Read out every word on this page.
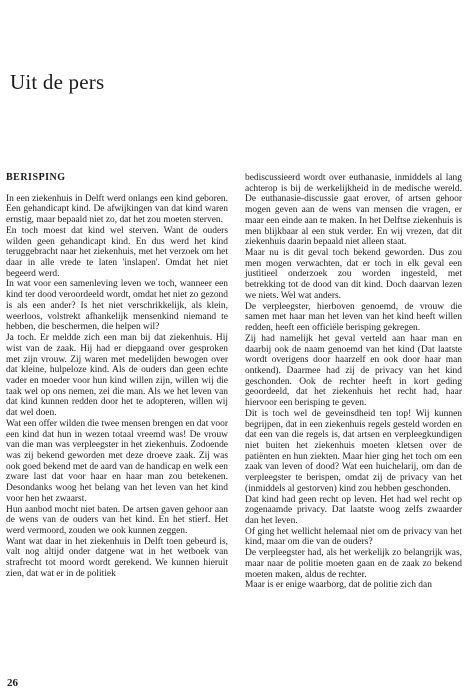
Uit de pers
BERISPING

In een ziekenhuis in Delft werd onlangs een kind geboren. Een gehandicapt kind. De afwijkingen van dat kind waren ernstig, maar bepaald niet zo, dat het zou moeten sterven.

En toch moest dat kind wel sterven. Want de ouders wilden geen gehandicapt kind. En dus werd het kind teruggebracht naar het ziekenhuis, met het verzoek om het daar in alle vrede te laten 'inslapen'. Omdat het niet begeerd werd.

In wat voor een samenleving leven we toch, wanneer een kind ter dood veroordeeld wordt, omdat het niet zo gezond is als een ander? Is het niet verschrikkelijk, als klein, weerloos, volstrekt afhankelijk mensenkind niemand te hebben, die beschermen, die helpen wil?

Ja toch. Er meldde zich een man bij dat ziekenhuis. Hij wist van de zaak. Hij had er diepgaand over gesproken met zijn vrouw. Zij waren met medelijden bewogen over dat kleine, hulpeloze kind. Als de ouders dan geen echte vader en moeder voor hun kind willen zijn, willen wij die taak wel op ons nemen, zei die man. Als we het leven van dat kind kunnen redden door het te adopteren, willen wij dat wel doen.

Wat een offer wilden die twee mensen brengen en dat voor een kind dat hun in wezen totaal vreemd was! De vrouw van die man was verpleegster in het ziekenhuis. Zodoende was zij bekend geworden met deze droeve zaak. Zij was ook goed bekend met de aard van de handicap en welk een zware last dat voor haar en haar man zou betekenen. Desondanks woog het belang van het leven van het kind voor hen het zwaarst.

Hun aanbod mocht niet baten. De artsen gaven gehoor aan de wens van de ouders van het kind. En het stierf. Het werd vermoord, zouden we ook kunnen zeggen.

Want wat daar in het ziekenhuis in Delft toen gebeurd is, valt nog altijd onder datgene wat in het wetboek van strafrecht tot moord wordt gerekend. We kunnen hieruit zien, dat wat er in de politiek

bediscussieerd wordt over euthanasie, inmiddels al lang achterop is bij de werkelijkheid in de medische wereld. De euthanasie-discussie gaat erover, of artsen gehoor mogen geven aan de wens van mensen die vragen, er maar een einde aan te maken. In het Delftse ziekenhuis is men blijkbaar al een stuk verder. En wij vrezen, dat dit ziekenhuis daarin bepaald niet alleen staat.

Maar nu is dit geval toch bekend geworden. Dus zou men mogen verwachten, dat er toch in elk geval een justitieel onderzoek zou worden ingesteld, met betrekking tot de dood van dit kind. Doch daarvan lezen we niets. Wel wat anders.

De verpleegster, hierboven genoemd, de vrouw die samen met haar man het leven van het kind heeft willen redden, heeft een officiële berisping gekregen.

Zij had namelijk het geval verteld aan haar man en daarbij ook de naam genoemd van het kind (Dat laatste wordt overigens door haarzelf en ook door haar man ontkend). Daarmee had zij de privacy van het kind geschonden. Ook de rechter heeft in kort geding geoordeeld, dat het ziekenhuis het recht had, haar hiervoor een berisping te geven.

Dit is toch wel de geveinsdheid ten top! Wij kunnen begrijpen, dat in een ziekenhuis regels gesteld worden en dat een van die regels is, dat artsen en verpleegkundigen niet buiten het ziekenhuis moeten kletsen over de patiënten en hun ziekten. Maar hier ging het toch om een zaak van leven of dood? Wat een huichelarij, om dan de verpleegster te berispen, omdat zij de privacy van het (inmiddels al gestorven) kind zou hebben geschonden.

Dat kind had geen recht op leven. Het had wel recht op zogenaamde privacy. Dat laatste woog zelfs zwaarder dan het leven.

Of ging het wellicht helemaal niet om de privacy van het kind, maar om die van de ouders?

De verpleegster had, als het werkelijk zo belangrijk was, maar naar de politie moeten gaan en de zaak zo bekend moeten maken, aldus de rechter.

Maar is er enige waarborg, dat de politie zich dan

26
